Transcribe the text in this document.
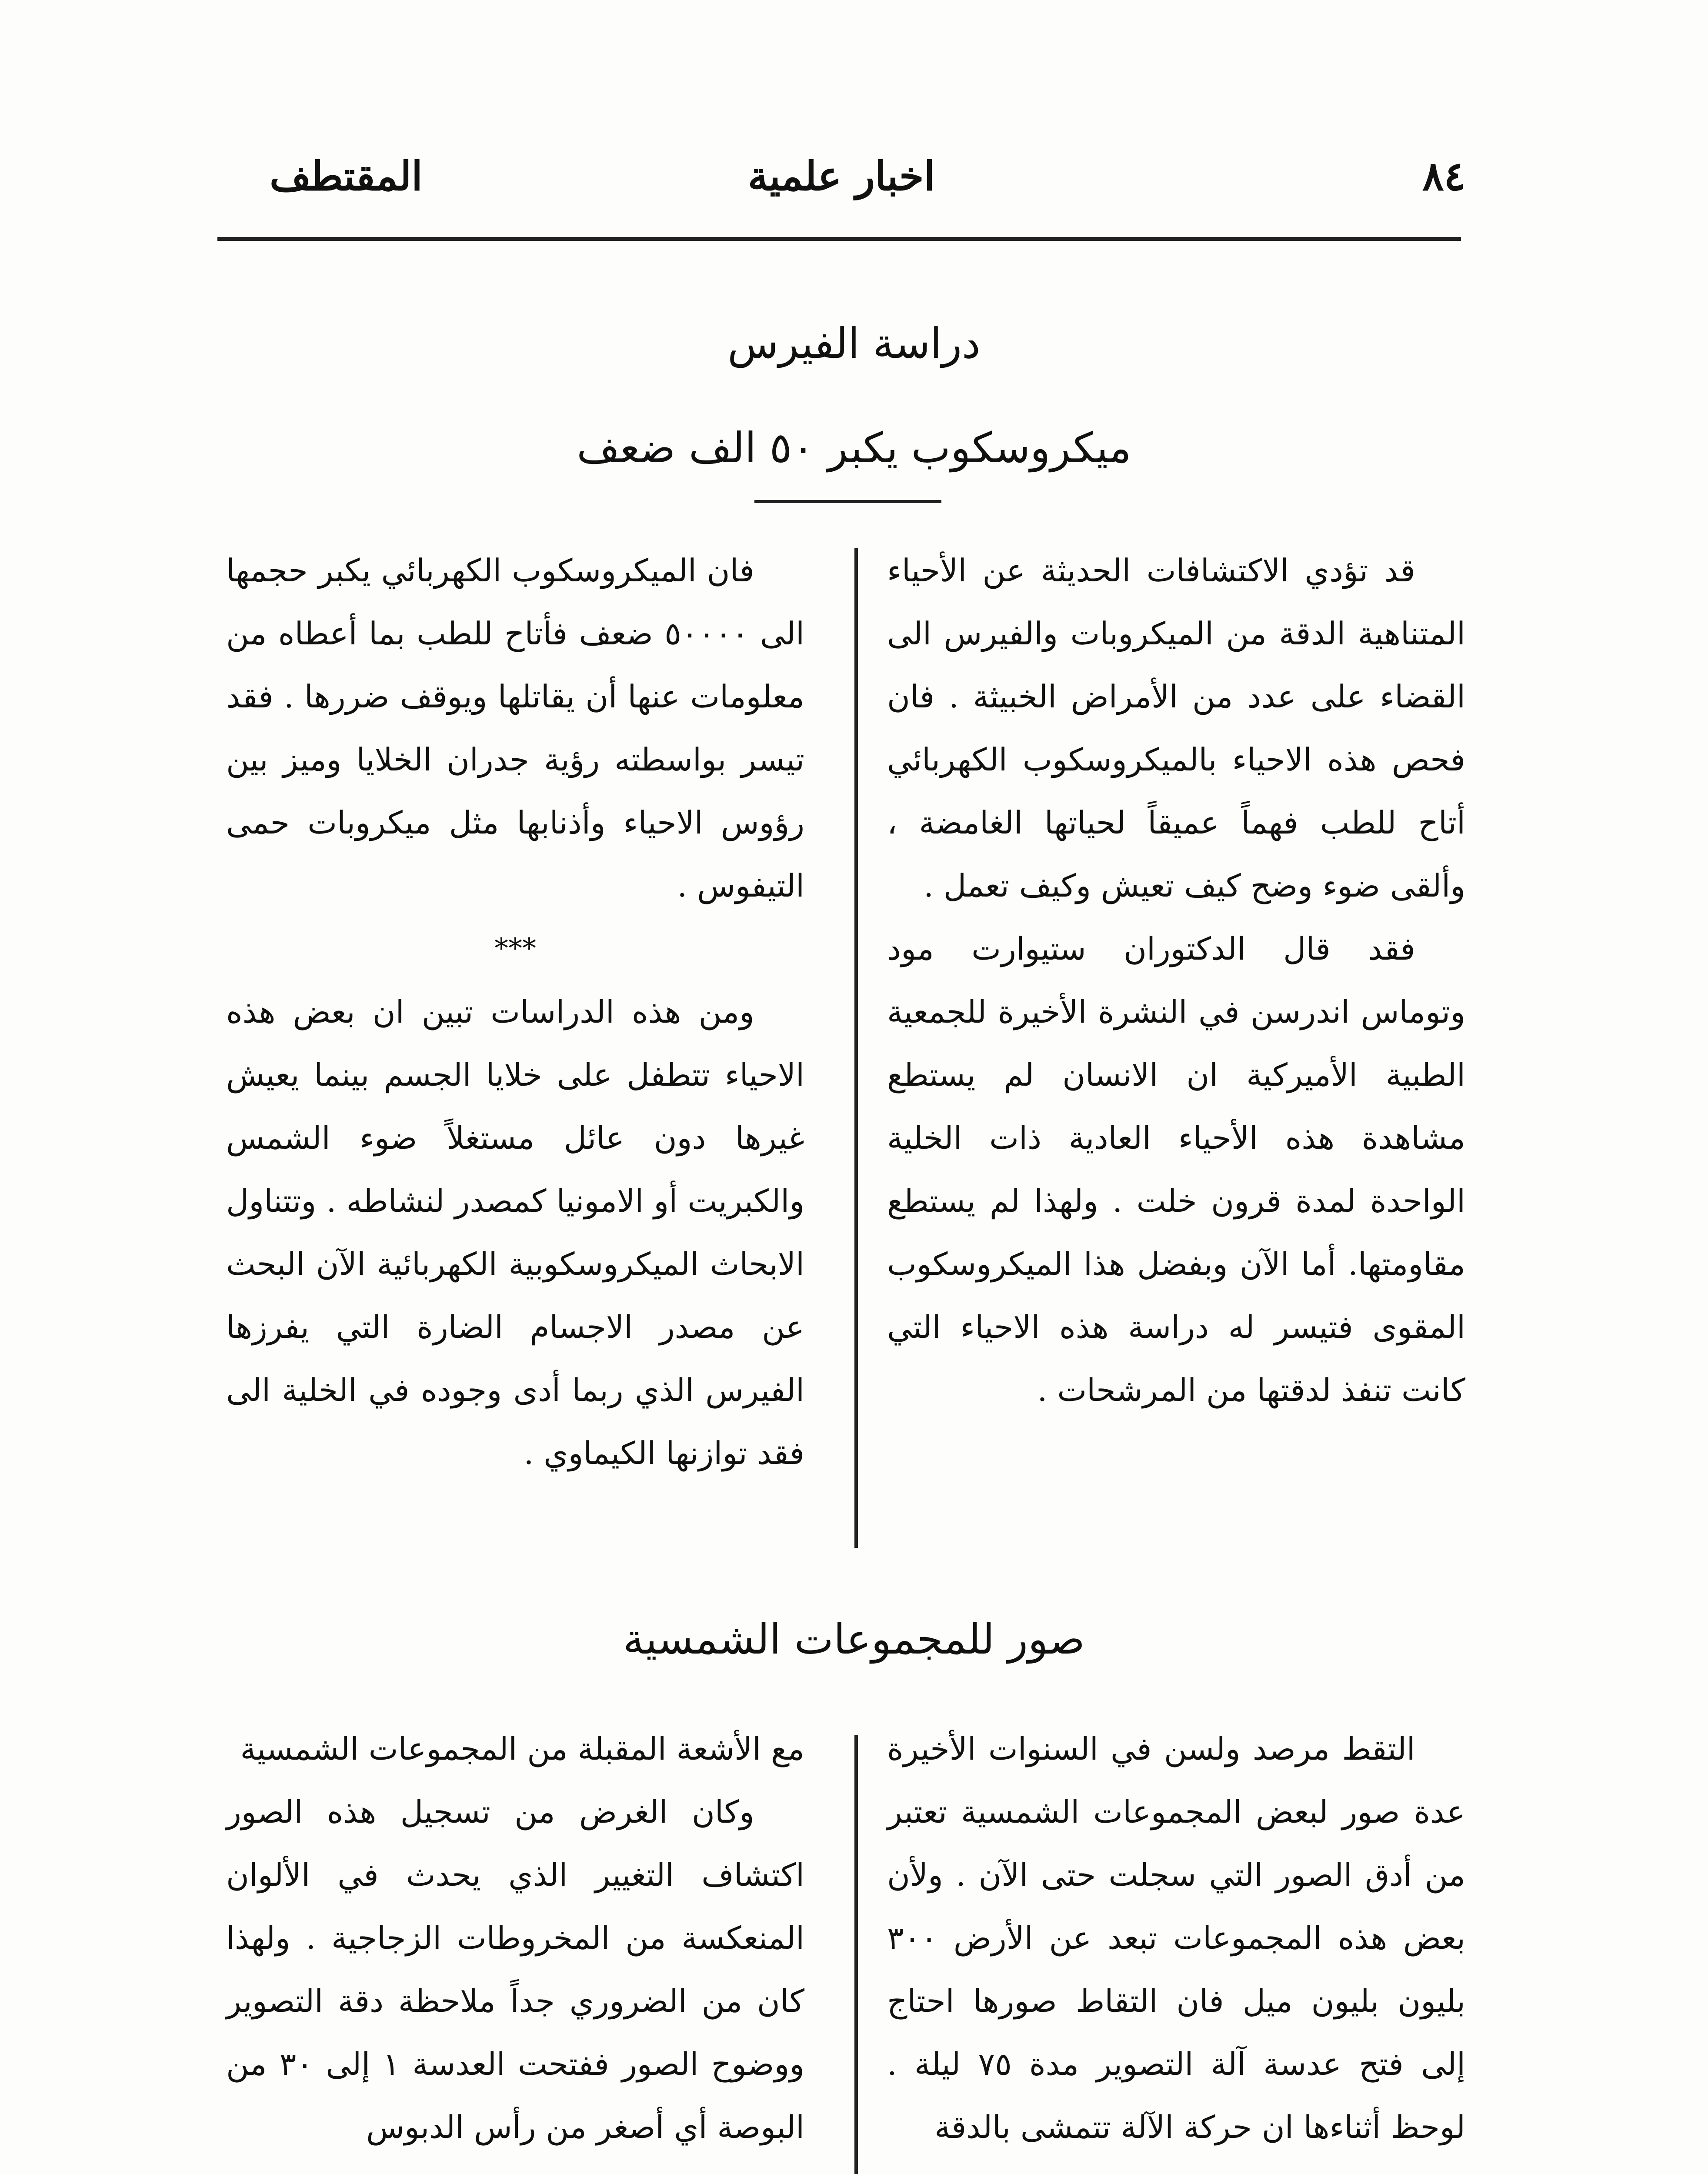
٨٤
اخبار علمية
المقتطف
دراسة الفيرس
ميكروسكوب يكبر ٥٠ الف ضعف

قد تؤدي الاكتشافات الحديثة عن الأحياء المتناهية الدقة من الميكروبات والفيرس الى القضاء على عدد من الأمراض الخبيثة . فان فحص هذه الاحياء بالميكروسكوب الكهربائي أتاح للطب فهماً عميقاً لحياتها الغامضة ، وألقى ضوء وضح كيف تعيش وكيف تعمل .

فقد قال الدكتوران ستيوارت مود وتوماس اندرسن في النشرة الأخيرة للجمعية الطبية الأميركية ان الانسان لم يستطع مشاهدة هذه الأحياء العادية ذات الخلية الواحدة لمدة قرون خلت . ولهذا لم يستطع مقاومتها. أما الآن وبفضل هذا الميكروسكوب المقوى فتيسر له دراسة هذه الاحياء التي كانت تنفذ لدقتها من المرشحات .

فان الميكروسكوب الكهربائي يكبر حجمها الى ٥٠٠٠٠ ضعف فأتاح للطب بما أعطاه من معلومات عنها أن يقاتلها ويوقف ضررها . فقد تيسر بواسطته رؤية جدران الخلايا وميز بين رؤوس الاحياء وأذنابها مثل ميكروبات حمى التيفوس .

***

ومن هذه الدراسات تبين ان بعض هذه الاحياء تتطفل على خلايا الجسم بينما يعيش غيرها دون عائل مستغلاً ضوء الشمس والكبريت أو الامونيا كمصدر لنشاطه . وتتناول الابحاث الميكروسكوبية الكهربائية الآن البحث عن مصدر الاجسام الضارة التي يفرزها الفيرس الذي ربما أدى وجوده في الخلية الى فقد توازنها الكيماوي .

صور للمجموعات الشمسية

التقط مرصد ولسن في السنوات الأخيرة عدة صور لبعض المجموعات الشمسية تعتبر من أدق الصور التي سجلت حتى الآن . ولأن بعض هذه المجموعات تبعد عن الأرض ٣٠٠ بليون بليون ميل فان التقاط صورها احتاج إلى فتح عدسة آلة التصوير مدة ٧٥ ليلة . لوحظ أثناءها ان حركة الآلة تتمشى بالدقة

مع الأشعة المقبلة من المجموعات الشمسية

وكان الغرض من تسجيل هذه الصور اكتشاف التغيير الذي يحدث في الألوان المنعكسة من المخروطات الزجاجية . ولهذا كان من الضروري جداً ملاحظة دقة التصوير ووضوح الصور ففتحت العدسة ١ إلى ٣٠ من البوصة أي أصغر من رأس الدبوس
